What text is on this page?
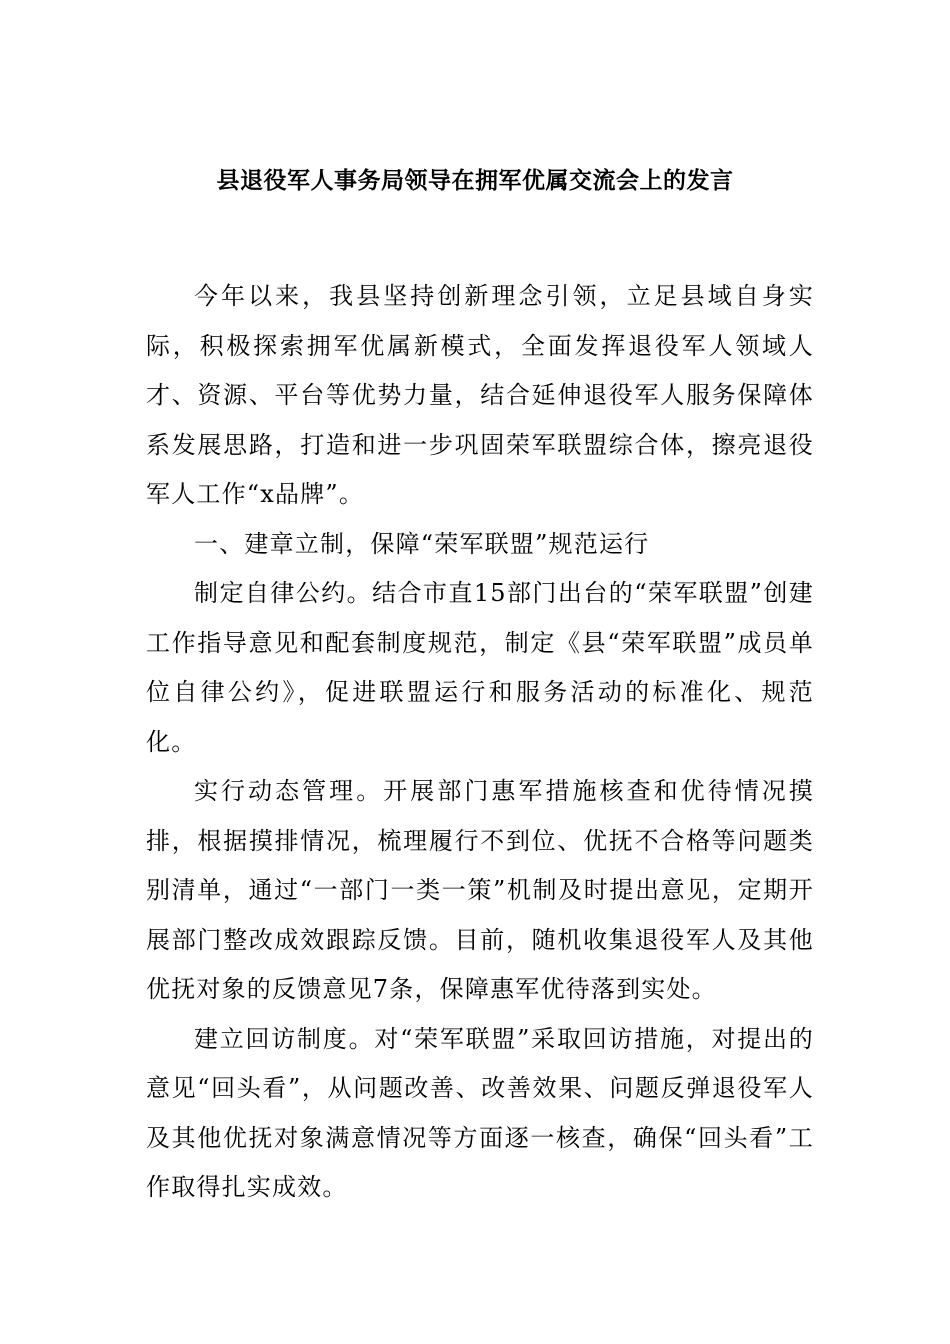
县退役军人事务局领导在拥军优属交流会上的发言

今年以来，我县坚持创新理念引领，立足县域自身实际，积极探索拥军优属新模式，全面发挥退役军人领域人才、资源、平台等优势力量，结合延伸退役军人服务保障体系发展思路，打造和进一步巩固荣军联盟综合体，擦亮退役军人工作“x品牌”。

一、建章立制，保障“荣军联盟”规范运行

制定自律公约。结合市直15部门出台的“荣军联盟”创建工作指导意见和配套制度规范，制定《县“荣军联盟”成员单位自律公约》，促进联盟运行和服务活动的标准化、规范化。

实行动态管理。开展部门惠军措施核查和优待情况摸排，根据摸排情况，梳理履行不到位、优抚不合格等问题类别清单，通过“一部门一类一策”机制及时提出意见，定期开展部门整改成效跟踪反馈。目前，随机收集退役军人及其他优抚对象的反馈意见7条，保障惠军优待落到实处。

建立回访制度。对“荣军联盟”采取回访措施，对提出的意见“回头看”，从问题改善、改善效果、问题反弹退役军人及其他优抚对象满意情况等方面逐一核查，确保“回头看”工作取得扎实成效。
